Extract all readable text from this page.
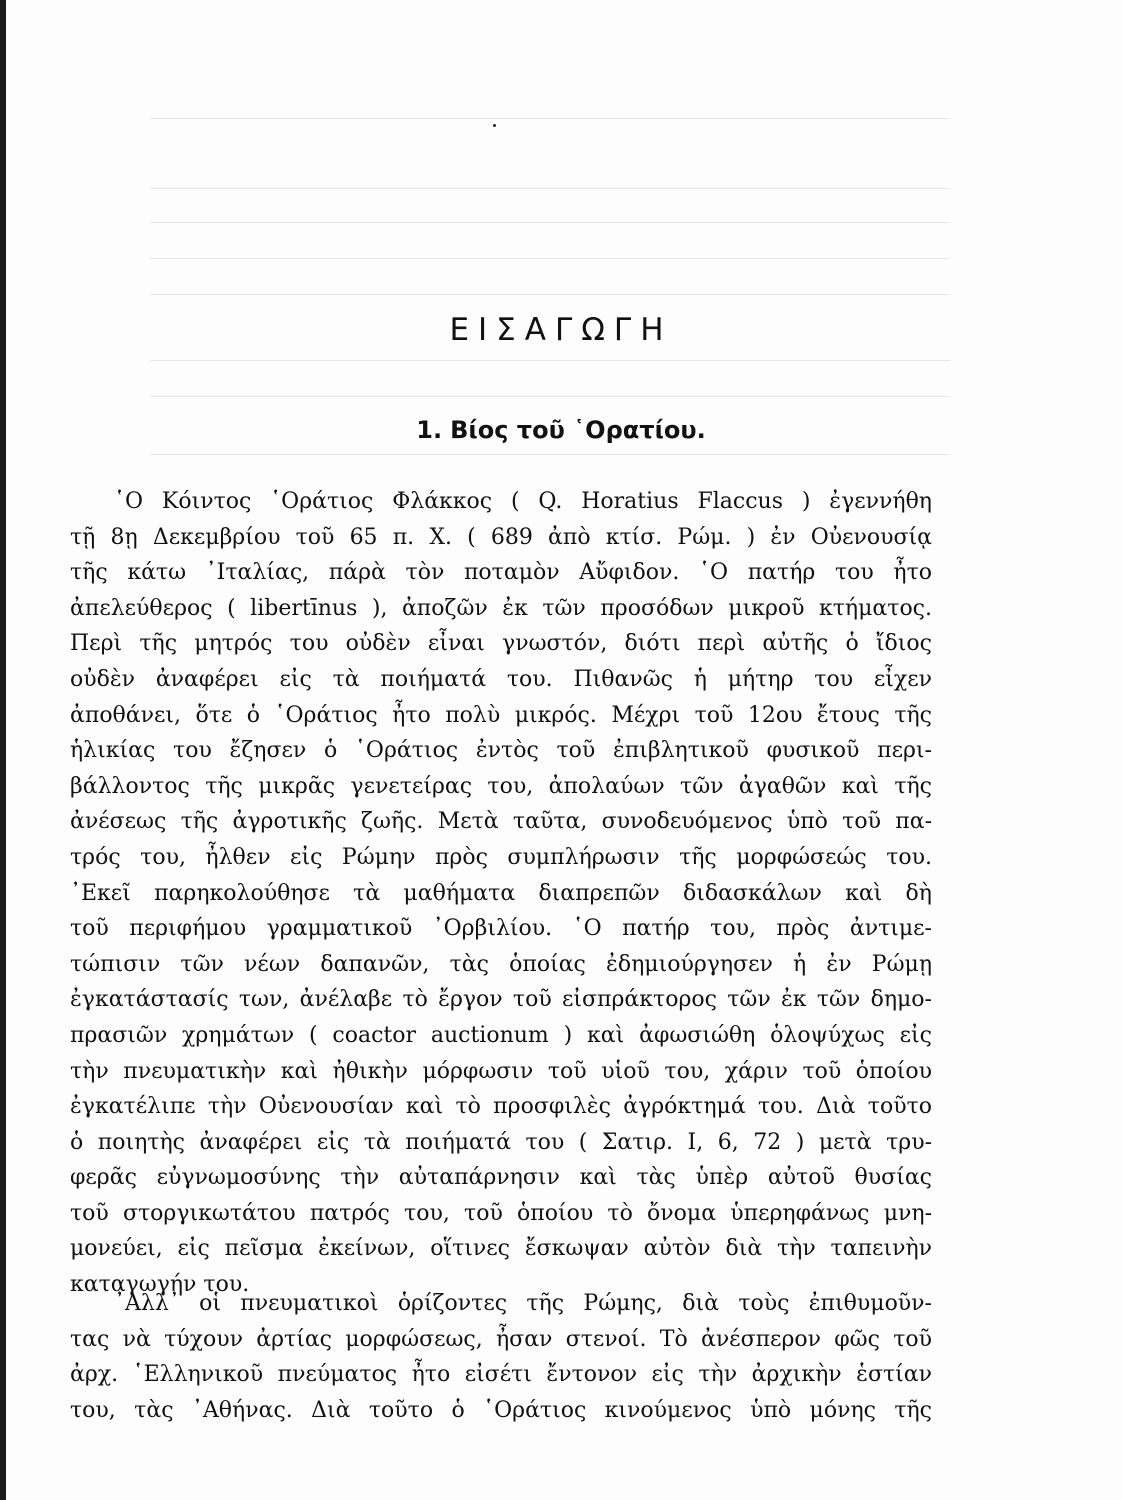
ΕΙΣΑΓΩΓΗ
1. Βίος τοῦ ῾Ορατίου.
῾Ο Κόιντος ῾Οράτιος Φλάκκος ( Q. Horatius Flaccus ) ἐγεννήθη
τῇ 8ῃ Δεκεμβρίου τοῦ 65 π. Χ. ( 689 ἀπὸ κτίσ. Ρώμ. ) ἐν Οὐενουσίᾳ
τῆς κάτω ᾿Ιταλίας, πάρὰ τὸν ποταμὸν Αὔφιδον. ῾Ο πατήρ του ἦτο
ἀπελεύθερος ( libertīnus ), ἀποζῶν ἐκ τῶν προσόδων μικροῦ κτήματος.
Περὶ τῆς μητρός του οὐδὲν εἶναι γνωστόν, διότι περὶ αὐτῆς ὁ ἴδιος
οὐδὲν ἀναφέρει εἰς τὰ ποιήματά του. Πιθανῶς ἡ μήτηρ του εἶχεν
ἀποθάνει, ὅτε ὁ ῾Οράτιος ἦτο πολὺ μικρός. Μέχρι τοῦ 12ου ἔτους τῆς
ἡλικίας του ἔζησεν ὁ ῾Οράτιος ἐντὸς τοῦ ἐπιβλητικοῦ φυσικοῦ περι-
βάλλοντος τῆς μικρᾶς γενετείρας του, ἀπολαύων τῶν ἀγαθῶν καὶ τῆς
ἀνέσεως τῆς ἀγροτικῆς ζωῆς. Μετὰ ταῦτα, συνοδευόμενος ὑπὸ τοῦ πα-
τρός του, ἦλθεν εἰς Ρώμην πρὸς συμπλήρωσιν τῆς μορφώσεώς του.
᾿Εκεῖ παρηκολούθησε τὰ μαθήματα διαπρεπῶν διδασκάλων καὶ δὴ
τοῦ περιφήμου γραμματικοῦ ᾿Ορβιλίου. ῾Ο πατήρ του, πρὸς ἀντιμε-
τώπισιν τῶν νέων δαπανῶν, τὰς ὁποίας ἐδημιούργησεν ἡ ἐν Ρώμῃ
ἐγκατάστασίς των, ἀνέλαβε τὸ ἔργον τοῦ εἰσπράκτορος τῶν ἐκ τῶν δημο-
πρασιῶν χρημάτων ( coactor auctionum ) καὶ ἀφωσιώθη ὁλοψύχως εἰς
τὴν πνευματικὴν καὶ ἠθικὴν μόρφωσιν τοῦ υἱοῦ του, χάριν τοῦ ὁποίου
ἐγκατέλιπε τὴν Οὐενουσίαν καὶ τὸ προσφιλὲς ἀγρόκτημά του. Διὰ τοῦτο
ὁ ποιητὴς ἀναφέρει εἰς τὰ ποιήματά του ( Σατιρ. I, 6, 72 ) μετὰ τρυ-
φερᾶς εὐγνωμοσύνης τὴν αὐταπάρνησιν καὶ τὰς ὑπὲρ αὐτοῦ θυσίας
τοῦ στοργικωτάτου πατρός του, τοῦ ὁποίου τὸ ὄνομα ὑπερηφάνως μνη-
μονεύει, εἰς πεῖσμα ἐκείνων, οἵτινες ἔσκωψαν αὐτὸν διὰ τὴν ταπεινὴν
καταγωγήν του.
᾿Αλλ᾿ οἱ πνευματικοὶ ὁρίζοντες τῆς Ρώμης, διὰ τοὺς ἐπιθυμοῦν-
τας νὰ τύχουν ἀρτίας μορφώσεως, ἦσαν στενοί. Τὸ ἀνέσπερον φῶς τοῦ
ἀρχ. ῾Ελληνικοῦ πνεύματος ἦτο εἰσέτι ἔντονον εἰς τὴν ἀρχικὴν ἑστίαν
του, τὰς ᾿Αθήνας. Διὰ τοῦτο ὁ ῾Οράτιος κινούμενος ὑπὸ μόνης τῆς
